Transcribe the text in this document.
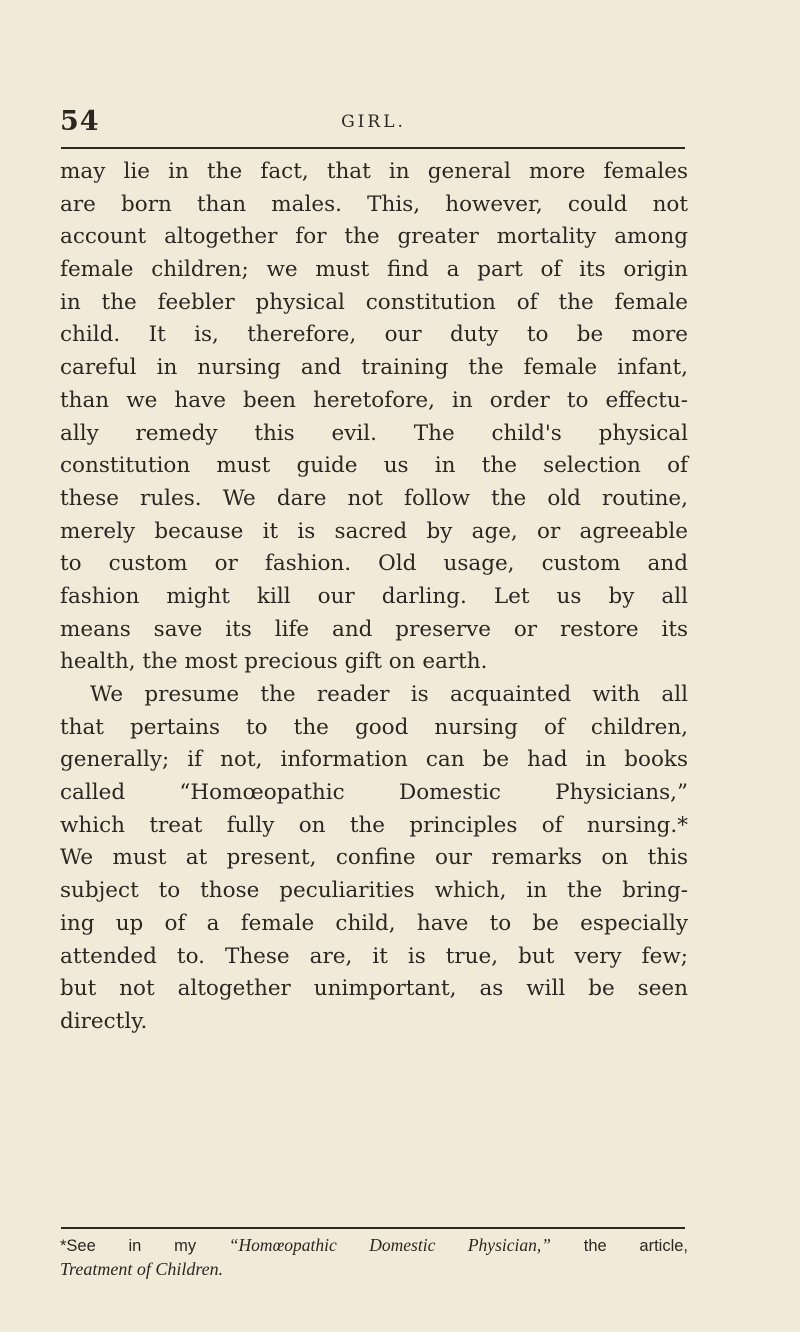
54	GIRL.
may lie in the fact, that in general more females
are born than males. This, however, could not
account altogether for the greater mortality among
female children; we must find a part of its origin
in the feebler physical constitution of the female
child. It is, therefore, our duty to be more
careful in nursing and training the female infant,
than we have been heretofore, in order to effectu-
ally remedy this evil. The child's physical
constitution must guide us in the selection of
these rules. We dare not follow the old routine,
merely because it is sacred by age, or agreeable
to custom or fashion. Old usage, custom and
fashion might kill our darling. Let us by all
means save its life and preserve or restore its
health, the most precious gift on earth.
We presume the reader is acquainted with all
that pertains to the good nursing of children,
generally; if not, information can be had in books
called “Homœopathic Domestic Physicians,”
which treat fully on the principles of nursing.*
We must at present, confine our remarks on this
subject to those peculiarities which, in the bring-
ing up of a female child, have to be especially
attended to. These are, it is true, but very few;
but not altogether unimportant, as will be seen
directly.
*See in my “Homœopathic Domestic Physician,” the article,
Treatment of Children.
